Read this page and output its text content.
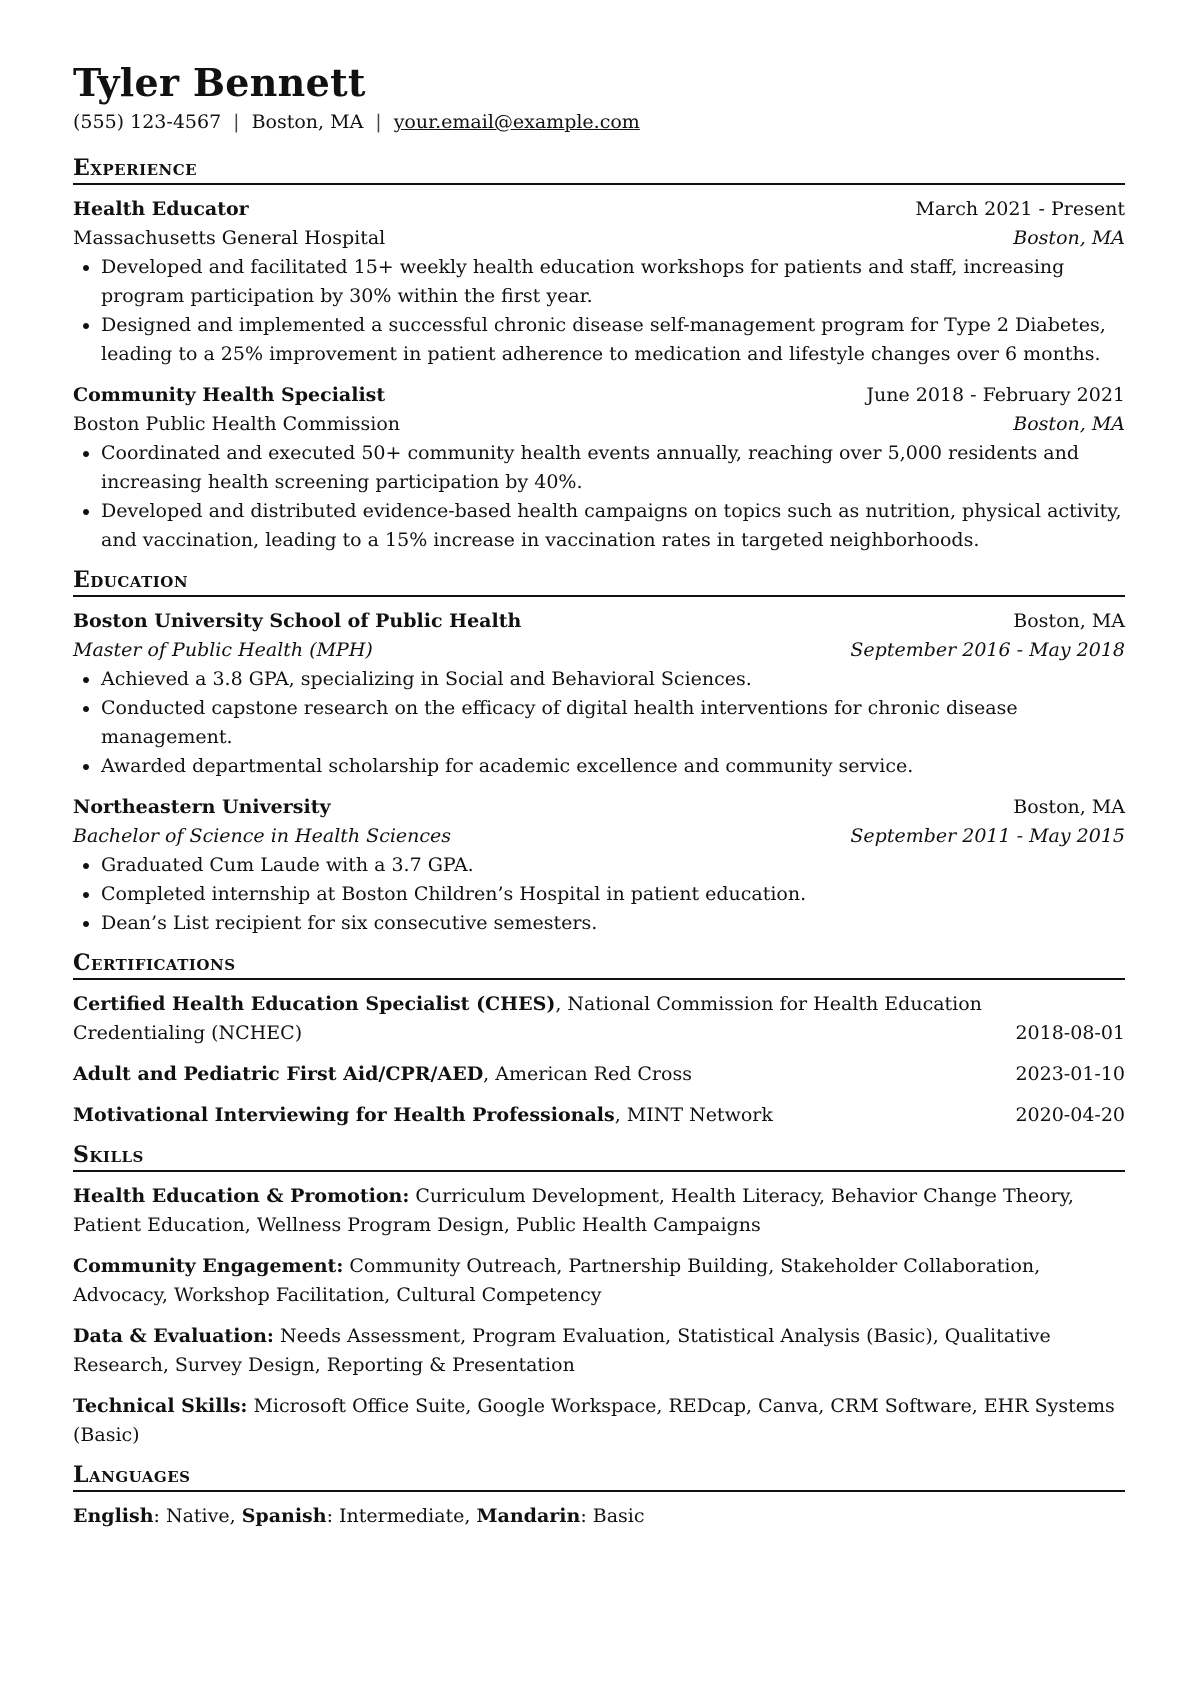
Tyler Bennett
(555) 123-4567 | Boston, MA | your.email@example.com
Experience
Health Educator	March 2021 - Present
Massachusetts General Hospital	Boston, MA
• Developed and facilitated 15+ weekly health education workshops for patients and staff, increasing program participation by 30% within the first year.
• Designed and implemented a successful chronic disease self-management program for Type 2 Diabetes, leading to a 25% improvement in patient adherence to medication and lifestyle changes over 6 months.
Community Health Specialist	June 2018 - February 2021
Boston Public Health Commission	Boston, MA
• Coordinated and executed 50+ community health events annually, reaching over 5,000 residents and increasing health screening participation by 40%.
• Developed and distributed evidence-based health campaigns on topics such as nutrition, physical activity, and vaccination, leading to a 15% increase in vaccination rates in targeted neighborhoods.
Education
Boston University School of Public Health	Boston, MA
Master of Public Health (MPH)	September 2016 - May 2018
• Achieved a 3.8 GPA, specializing in Social and Behavioral Sciences.
• Conducted capstone research on the efficacy of digital health interventions for chronic disease management.
• Awarded departmental scholarship for academic excellence and community service.
Northeastern University	Boston, MA
Bachelor of Science in Health Sciences	September 2011 - May 2015
• Graduated Cum Laude with a 3.7 GPA.
• Completed internship at Boston Children’s Hospital in patient education.
• Dean’s List recipient for six consecutive semesters.
Certifications
Certified Health Education Specialist (CHES), National Commission for Health Education Credentialing (NCHEC)	2018-08-01
Adult and Pediatric First Aid/CPR/AED, American Red Cross	2023-01-10
Motivational Interviewing for Health Professionals, MINT Network	2020-04-20
Skills
Health Education & Promotion: Curriculum Development, Health Literacy, Behavior Change Theory, Patient Education, Wellness Program Design, Public Health Campaigns
Community Engagement: Community Outreach, Partnership Building, Stakeholder Collaboration, Advocacy, Workshop Facilitation, Cultural Competency
Data & Evaluation: Needs Assessment, Program Evaluation, Statistical Analysis (Basic), Qualitative Research, Survey Design, Reporting & Presentation
Technical Skills: Microsoft Office Suite, Google Workspace, REDcap, Canva, CRM Software, EHR Systems (Basic)
Languages
English: Native, Spanish: Intermediate, Mandarin: Basic
